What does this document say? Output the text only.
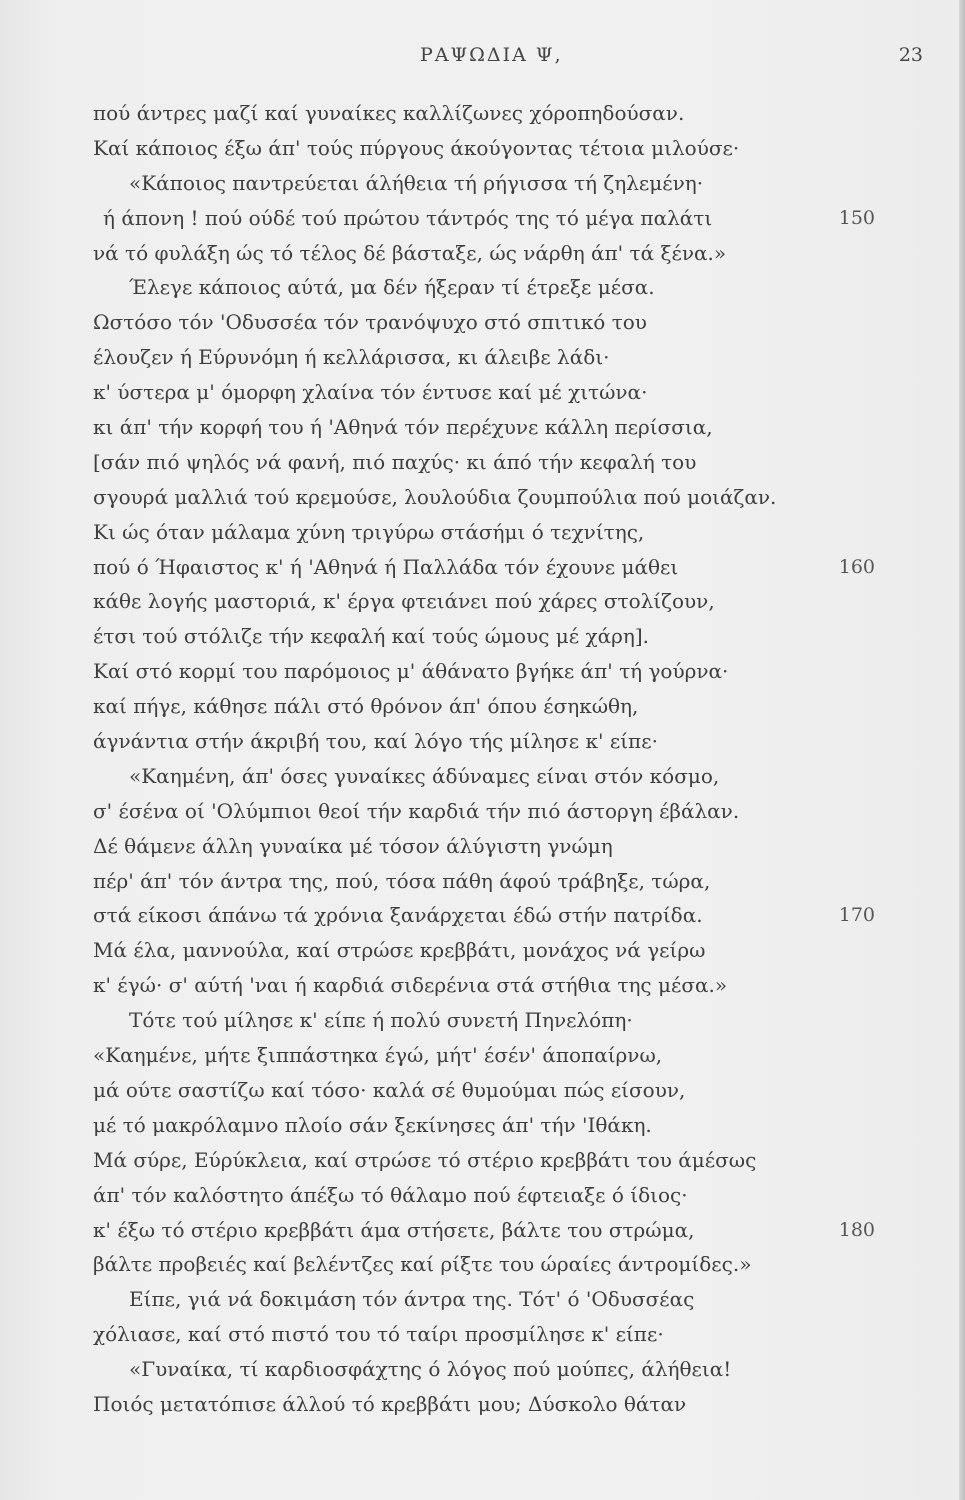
ΡΑΨΩΔΙΑ Ψ,	23
πού άντρες μαζί καί γυναίκες καλλίζωνες χόροπηδούσαν.
Καί κάποιος έξω άπ' τούς πύργους άκούγοντας τέτοια μιλούσε·
«Κάποιος παντρεύεται άλήθεια τή ρήγισσα τή ζηλεμένη·
ή άπονη ! πού ούδέ τού πρώτου τάντρός της τό μέγα παλάτι	150
νά τό φυλάξη ώς τό τέλος δέ βάσταξε, ώς νάρθη άπ' τά ξένα.»
Έλεγε κάποιος αύτά, μα δέν ήξεραν τί έτρεξε μέσα.
Ωστόσο τόν 'Οδυσσέα τόν τρανόψυχο στό σπιτικό του
έλουζεν ή Εύρυνόμη ή κελλάρισσα, κι άλειβε λάδι·
κ' ύστερα μ' όμορφη χλαίνα τόν έντυσε καί μέ χιτώνα·
κι άπ' τήν κορφή του ή 'Αθηνά τόν περέχυνε κάλλη περίσσια,
[σάν πιό ψηλός νά φανή, πιό παχύς· κι άπό τήν κεφαλή του
σγουρά μαλλιά τού κρεμούσε, λουλούδια ζουμπούλια πού μοιάζαν.
Κι ώς όταν μάλαμα χύνη τριγύρω στάσήμι ό τεχνίτης,
πού ό Ήφαιστος κ' ή 'Αθηνά ή Παλλάδα τόν έχουνε μάθει	160
κάθε λογής μαστοριά, κ' έργα φτειάνει πού χάρες στολίζουν,
έτσι τού στόλιζε τήν κεφαλή καί τούς ώμους μέ χάρη].
Καί στό κορμί του παρόμοιος μ' άθάνατο βγήκε άπ' τή γούρνα·
καί πήγε, κάθησε πάλι στό θρόνον άπ' όπου έσηκώθη,
άγνάντια στήν άκριβή του, καί λόγο τής μίλησε κ' είπε·
«Καημένη, άπ' όσες γυναίκες άδύναμες είναι στόν κόσμο,
σ' έσένα οί 'Ολύμπιοι θεοί τήν καρδιά τήν πιό άστοργη έβάλαν.
Δέ θάμενε άλλη γυναίκα μέ τόσον άλύγιστη γνώμη
πέρ' άπ' τόν άντρα της, πού, τόσα πάθη άφού τράβηξε, τώρα,
στά είκοσι άπάνω τά χρόνια ξανάρχεται έδώ στήν πατρίδα.	170
Μά έλα, μαννούλα, καί στρώσε κρεββάτι, μονάχος νά γείρω
κ' έγώ· σ' αύτή 'ναι ή καρδιά σιδερένια στά στήθια της μέσα.»
Τότε τού μίλησε κ' είπε ή πολύ συνετή Πηνελόπη·
«Καημένε, μήτε ξιππάστηκα έγώ, μήτ' έσέν' άποπαίρνω,
μά ούτε σαστίζω καί τόσο· καλά σέ θυμούμαι πώς είσουν,
μέ τό μακρόλαμνο πλοίο σάν ξεκίνησες άπ' τήν 'Ιθάκη.
Μά σύρε, Εύρύκλεια, καί στρώσε τό στέριο κρεββάτι του άμέσως
άπ' τόν καλόστητο άπέξω τό θάλαμο πού έφτειαξε ό ίδιος·
κ' έξω τό στέριο κρεββάτι άμα στήσετε, βάλτε του στρώμα,	180
βάλτε προβειές καί βελέντζες καί ρίξτε του ώραίες άντρομίδες.»
Είπε, γιά νά δοκιμάση τόν άντρα της. Τότ' ό 'Οδυσσέας
χόλιασε, καί στό πιστό του τό ταίρι προσμίλησε κ' είπε·
«Γυναίκα, τί καρδιοσφάχτης ό λόγος πού μούπες, άλήθεια!
Ποιός μετατόπισε άλλού τό κρεββάτι μου; Δύσκολο θάταν
